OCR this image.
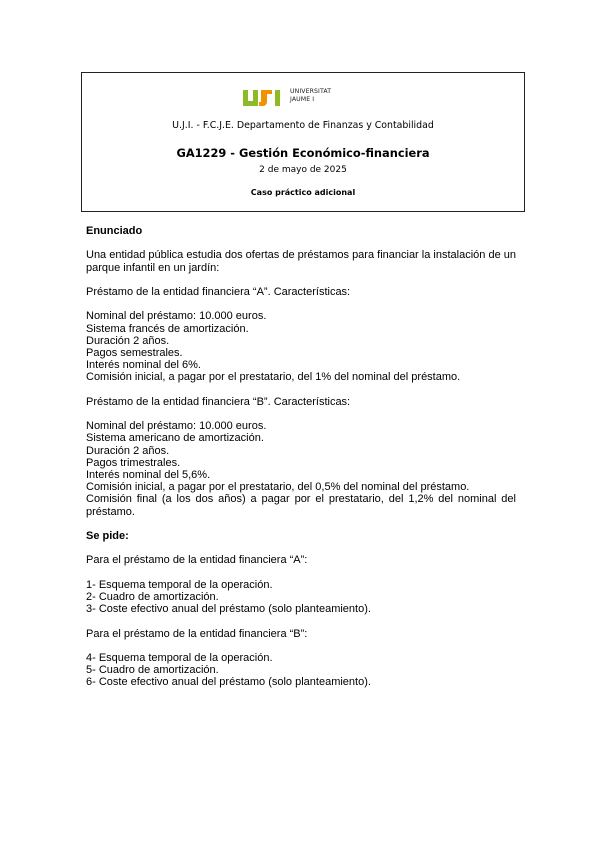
UNIVERSITAT
JAUME I
U.J.I. - F.C.J.E. Departamento de Finanzas y Contabilidad
GA1229 - Gestión Económico-financiera
2 de mayo de 2025
Caso práctico adicional

Enunciado

Una entidad pública estudia dos ofertas de préstamos para financiar la instalación de un parque infantil en un jardín:

Préstamo de la entidad financiera “A”. Características:

Nominal del préstamo: 10.000 euros.

Sistema francés de amortización.

Duración 2 años.

Pagos semestrales.

Interés nominal del 6%.

Comisión inicial, a pagar por el prestatario, del 1% del nominal del préstamo.

Préstamo de la entidad financiera “B”. Características:

Nominal del préstamo: 10.000 euros.

Sistema americano de amortización.

Duración 2 años.

Pagos trimestrales.

Interés nominal del 5,6%.

Comisión inicial, a pagar por el prestatario, del 0,5% del nominal del préstamo.

Comisión final (a los dos años) a pagar por el prestatario, del 1,2% del nominal del préstamo.

Se pide:

Para el préstamo de la entidad financiera “A”:

1- Esquema temporal de la operación.

2- Cuadro de amortización.

3- Coste efectivo anual del préstamo (solo planteamiento).

Para el préstamo de la entidad financiera “B”:

4- Esquema temporal de la operación.

5- Cuadro de amortización.

6- Coste efectivo anual del préstamo (solo planteamiento).
